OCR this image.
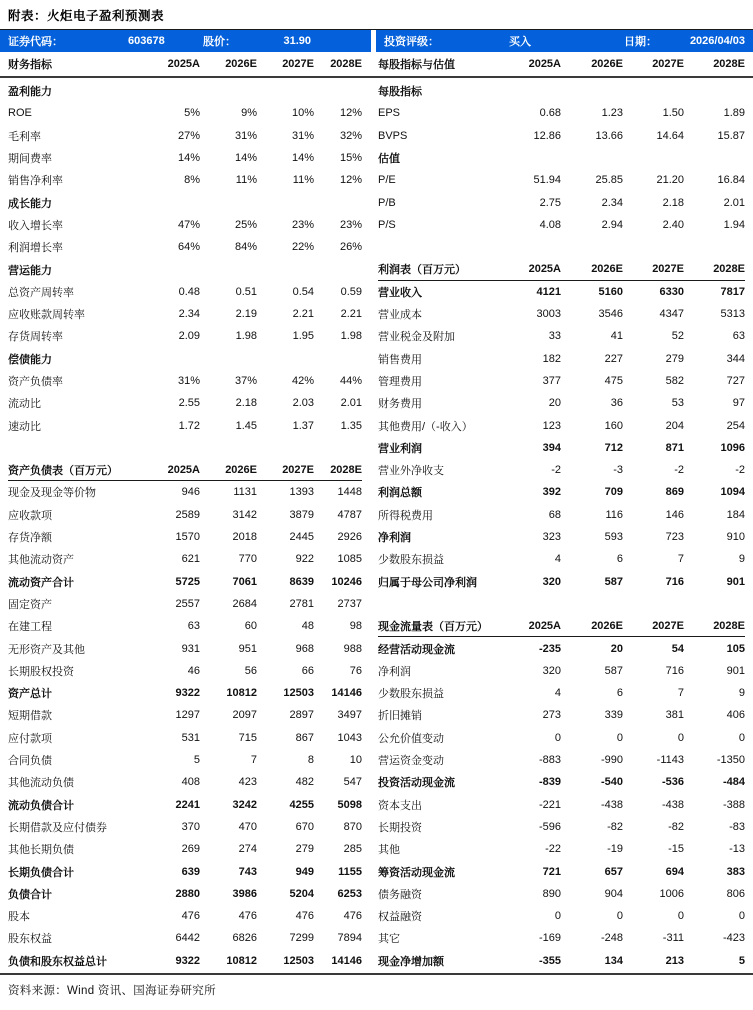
附表：火炬电子盈利预测表
证券代码：	603678	股价：	31.90	投资评级：	买入	日期：	2026/04/03
财务指标	2025A	2026E	2027E	2028E 每股指标与估值	2025A	2026E	2027E	2028E
盈利能力
ROE	5%	9%	10%	12%
毛利率	27%	31%	31%	32%
期间费率	14%	14%	14%	15%
销售净利率	8%	11%	11%	12%
成长能力
收入增长率	47%	25%	23%	23%
利润增长率	64%	84%	22%	26%
营运能力
总资产周转率	0.48	0.51	0.54	0.59
应收账款周转率	2.34	2.19	2.21	2.21
存货周转率	2.09	1.98	1.95	1.98
偿债能力
资产负债率	31%	37%	42%	44%
流动比	2.55	2.18	2.03	2.01
速动比	1.72	1.45	1.37	1.35
资产负债表（百万元）	2025A	2026E	2027E	2028E
现金及现金等价物	946	1131	1393	1448
应收款项	2589	3142	3879	4787
存货净额	1570	2018	2445	2926
其他流动资产	621	770	922	1085
流动资产合计	5725	7061	8639	10246
固定资产	2557	2684	2781	2737
在建工程	63	60	48	98
无形资产及其他	931	951	968	988
长期股权投资	46	56	66	76
资产总计	9322	10812	12503	14146
短期借款	1297	2097	2897	3497
应付款项	531	715	867	1043
合同负债	5	7	8	10
其他流动负债	408	423	482	547
流动负债合计	2241	3242	4255	5098
长期借款及应付债券	370	470	670	870
其他长期负债	269	274	279	285
长期负债合计	639	743	949	1155
负债合计	2880	3986	5204	6253
股本	476	476	476	476
股东权益	6442	6826	7299	7894
负债和股东权益总计	9322	10812	12503	14146
每股指标
EPS	0.68	1.23	1.50	1.89
BVPS	12.86	13.66	14.64	15.87
估值
P/E	51.94	25.85	21.20	16.84
P/B	2.75	2.34	2.18	2.01
P/S	4.08	2.94	2.40	1.94
利润表（百万元）	2025A	2026E	2027E	2028E
营业收入	4121	5160	6330	7817
营业成本	3003	3546	4347	5313
营业税金及附加	33	41	52	63
销售费用	182	227	279	344
管理费用	377	475	582	727
财务费用	20	36	53	97
其他费用/（-收入）	123	160	204	254
营业利润	394	712	871	1096
营业外净收支	-2	-3	-2	-2
利润总额	392	709	869	1094
所得税费用	68	116	146	184
净利润	323	593	723	910
少数股东损益	4	6	7	9
归属于母公司净利润	320	587	716	901
现金流量表（百万元）	2025A	2026E	2027E	2028E
经营活动现金流	-235	20	54	105
净利润	320	587	716	901
少数股东损益	4	6	7	9
折旧摊销	273	339	381	406
公允价值变动	0	0	0	0
营运资金变动	-883	-990	-1143	-1350
投资活动现金流	-839	-540	-536	-484
资本支出	-221	-438	-438	-388
长期投资	-596	-82	-82	-83
其他	-22	-19	-15	-13
筹资活动现金流	721	657	694	383
债务融资	890	904	1006	806
权益融资	0	0	0	0
其它	-169	-248	-311	-423
现金净增加额	-355	134	213	5
资料来源：Wind 资讯、国海证券研究所
